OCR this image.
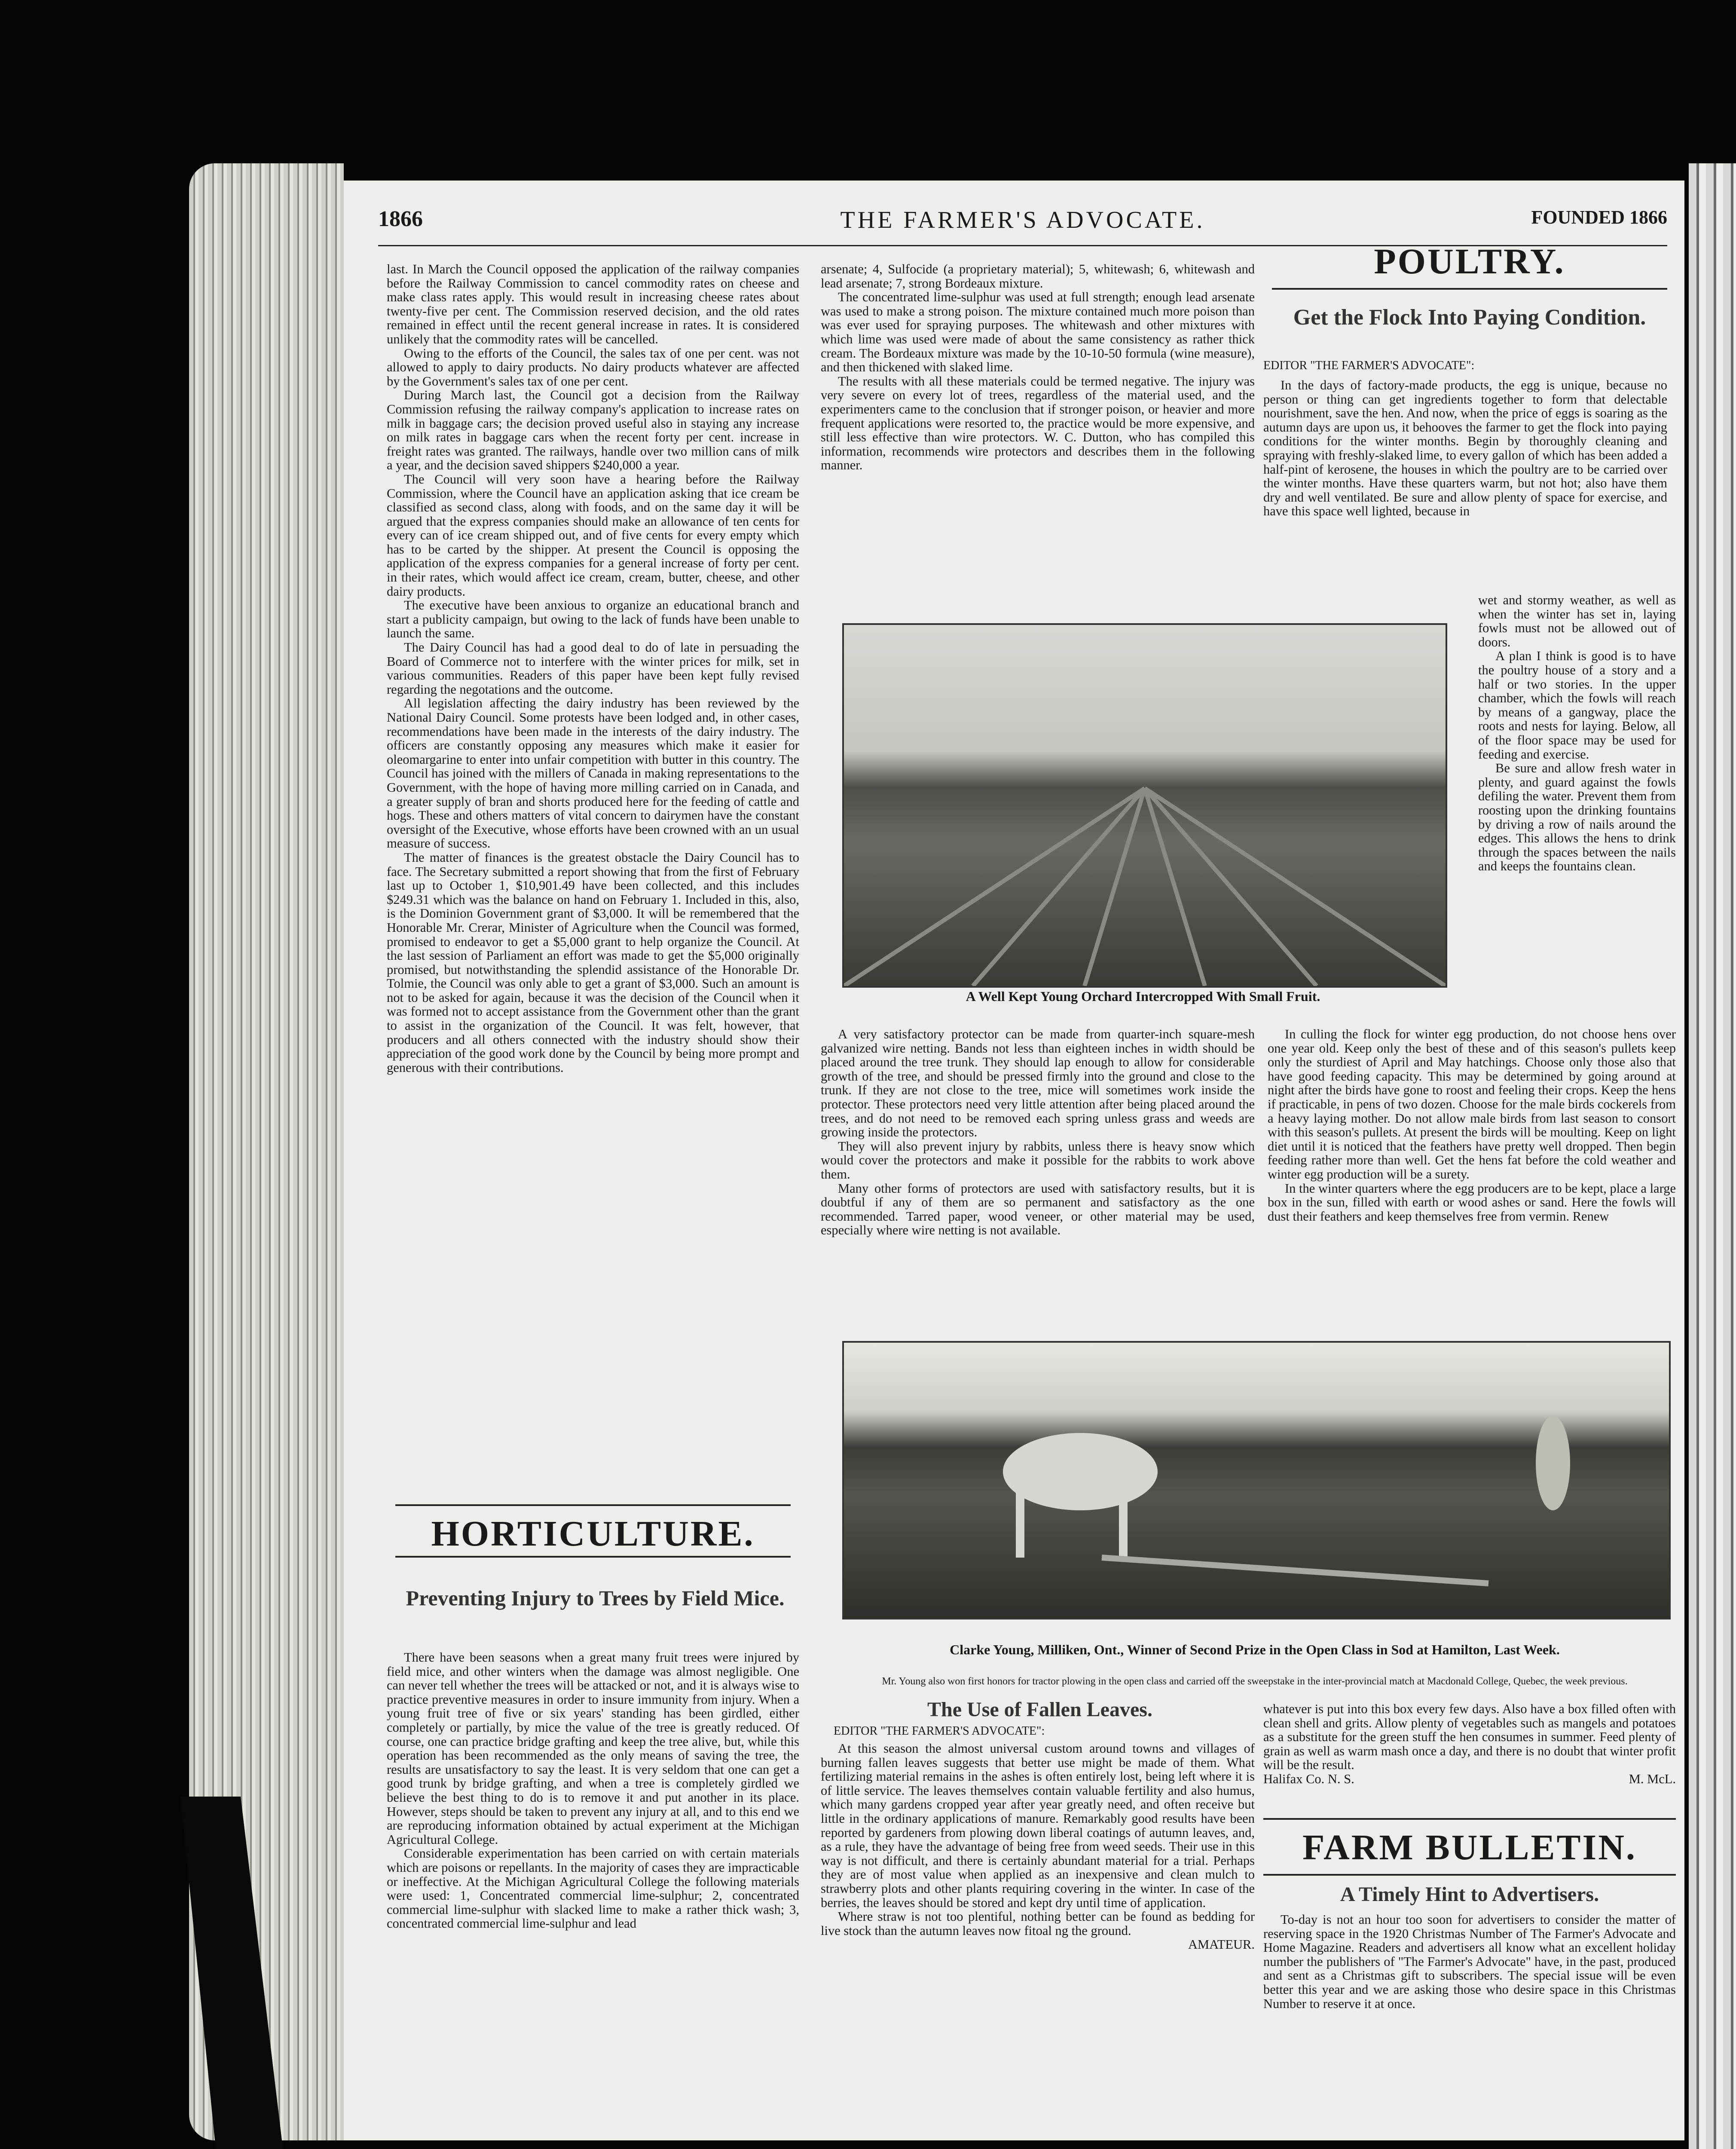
1866	THE FARMER'S ADVOCATE.	FOUNDED 1866

last. In March the Council opposed the application of the railway companies before the Railway Commission to cancel commodity rates on cheese and make class rates apply. This would result in increasing cheese rates about twenty-five per cent. The Commission reserved decision, and the old rates remained in effect until the recent general increase in rates. It is considered unlikely that the commodity rates will be cancelled.

Owing to the efforts of the Council, the sales tax of one per cent. was not allowed to apply to dairy products. No dairy products whatever are affected by the Government's sales tax of one per cent.

During March last, the Council got a decision from the Railway Commission refusing the railway company's application to increase rates on milk in baggage cars; the decision proved useful also in staying any increase on milk rates in baggage cars when the recent forty per cent. increase in freight rates was granted. The railways, handle over two million cans of milk a year, and the decision saved shippers $240,000 a year.

The Council will very soon have a hearing before the Railway Commission, where the Council have an application asking that ice cream be classified as second class, along with foods, and on the same day it will be argued that the express companies should make an allowance of ten cents for every can of ice cream shipped out, and of five cents for every empty which has to be carted by the shipper. At present the Council is opposing the application of the express companies for a general increase of forty per cent. in their rates, which would affect ice cream, cream, butter, cheese, and other dairy products.

The executive have been anxious to organize an educational branch and start a publicity campaign, but owing to the lack of funds have been unable to launch the same.

The Dairy Council has had a good deal to do of late in persuading the Board of Commerce not to interfere with the winter prices for milk, set in various communities. Readers of this paper have been kept fully revised regarding the negotations and the outcome.

All legislation affecting the dairy industry has been reviewed by the National Dairy Council. Some protests have been lodged and, in other cases, recommendations have been made in the interests of the dairy industry. The officers are constantly opposing any measures which make it easier for oleomargarine to enter into unfair competition with butter in this country. The Council has joined with the millers of Canada in making representations to the Government, with the hope of having more milling carried on in Canada, and a greater supply of bran and shorts produced here for the feeding of cattle and hogs. These and others matters of vital concern to dairymen have the constant oversight of the Executive, whose efforts have been crowned with an un usual measure of success.

The matter of finances is the greatest obstacle the Dairy Council has to face. The Secretary submitted a report showing that from the first of February last up to October 1, $10,901.49 have been collected, and this includes $249.31 which was the balance on hand on February 1. Included in this, also, is the Dominion Government grant of $3,000. It will be remembered that the Honorable Mr. Crerar, Minister of Agriculture when the Council was formed, promised to endeavor to get a $5,000 grant to help organize the Council. At the last session of Parliament an effort was made to get the $5,000 originally promised, but notwithstanding the splendid assistance of the Honorable Dr. Tolmie, the Council was only able to get a grant of $3,000. Such an amount is not to be asked for again, because it was the decision of the Council when it was formed not to accept assistance from the Government other than the grant to assist in the organization of the Council. It was felt, however, that producers and all others connected with the industry should show their appreciation of the good work done by the Council by being more prompt and generous with their contributions.

HORTICULTURE.
Preventing Injury to Trees by Field Mice.

There have been seasons when a great many fruit trees were injured by field mice, and other winters when the damage was almost negligible. One can never tell whether the trees will be attacked or not, and it is always wise to practice preventive measures in order to insure immunity from injury. When a young fruit tree of five or six years' standing has been girdled, either completely or partially, by mice the value of the tree is greatly reduced. Of course, one can practice bridge grafting and keep the tree alive, but, while this operation has been recommended as the only means of saving the tree, the results are unsatisfactory to say the least. It is very seldom that one can get a good trunk by bridge grafting, and when a tree is completely girdled we believe the best thing to do is to remove it and put another in its place. However, steps should be taken to prevent any injury at all, and to this end we are reproducing information obtained by actual experiment at the Michigan Agricultural College.

Considerable experimentation has been carried on with certain materials which are poisons or repellants. In the majority of cases they are impracticable or ineffective. At the Michigan Agricultural College the following materials were used: 1, Concentrated commercial lime-sulphur; 2, concentrated commercial lime-sulphur with slacked lime to make a rather thick wash; 3, concentrated commercial lime-sulphur and lead

arsenate; 4, Sulfocide (a proprietary material); 5, whitewash; 6, whitewash and lead arsenate; 7, strong Bordeaux mixture.

The concentrated lime-sulphur was used at full strength; enough lead arsenate was used to make a strong poison. The mixture contained much more poison than was ever used for spraying purposes. The whitewash and other mixtures with which lime was used were made of about the same consistency as rather thick cream. The Bordeaux mixture was made by the 10-10-50 formula (wine measure), and then thickened with slaked lime.

The results with all these materials could be termed negative. The injury was very severe on every lot of trees, regardless of the material used, and the experimenters came to the conclusion that if stronger poison, or heavier and more frequent applications were resorted to, the practice would be more expensive, and still less effective than wire protectors. W. C. Dutton, who has compiled this information, recommends wire protectors and describes them in the following manner.

A Well Kept Young Orchard Intercropped With Small Fruit.

A very satisfactory protector can be made from quarter-inch square-mesh galvanized wire netting. Bands not less than eighteen inches in width should be placed around the tree trunk. They should lap enough to allow for considerable growth of the tree, and should be pressed firmly into the ground and close to the trunk. If they are not close to the tree, mice will sometimes work inside the protector. These protectors need very little attention after being placed around the trees, and do not need to be removed each spring unless grass and weeds are growing inside the protectors.

They will also prevent injury by rabbits, unless there is heavy snow which would cover the protectors and make it possible for the rabbits to work above them.

Many other forms of protectors are used with satisfactory results, but it is doubtful if any of them are so permanent and satisfactory as the one recommended. Tarred paper, wood veneer, or other material may be used, especially where wire netting is not available.

POULTRY.
Get the Flock Into Paying Condition.
EDITOR "THE FARMER'S ADVOCATE":

In the days of factory-made products, the egg is unique, because no person or thing can get ingredients together to form that delectable nourishment, save the hen. And now, when the price of eggs is soaring as the autumn days are upon us, it behooves the farmer to get the flock into paying conditions for the winter months. Begin by thoroughly cleaning and spraying with freshly-slaked lime, to every gallon of which has been added a half-pint of kerosene, the houses in which the poultry are to be carried over the winter months. Have these quarters warm, but not hot; also have them dry and well ventilated. Be sure and allow plenty of space for exercise, and have this space well lighted, because in

wet and stormy weather, as well as when the winter has set in, laying fowls must not be allowed out of doors.

A plan I think is good is to have the poultry house of a story and a half or two stories. In the upper chamber, which the fowls will reach by means of a gangway, place the roots and nests for laying. Below, all of the floor space may be used for feeding and exercise.

Be sure and allow fresh water in plenty, and guard against the fowls defiling the water. Prevent them from roosting upon the drinking fountains by driving a row of nails around the edges. This allows the hens to drink through the spaces between the nails and keeps the fountains clean.

In culling the flock for winter egg production, do not choose hens over one year old. Keep only the best of these and of this season's pullets keep only the sturdiest of April and May hatchings. Choose only those also that have good feeding capacity. This may be determined by going around at night after the birds have gone to roost and feeling their crops. Keep the hens if practicable, in pens of two dozen. Choose for the male birds cockerels from a heavy laying mother. Do not allow male birds from last season to consort with this season's pullets. At present the birds will be moulting. Keep on light diet until it is noticed that the feathers have pretty well dropped. Then begin feeding rather more than well. Get the hens fat before the cold weather and winter egg production will be a surety.

In the winter quarters where the egg producers are to be kept, place a large box in the sun, filled with earth or wood ashes or sand. Here the fowls will dust their feathers and keep themselves free from vermin. Renew

Clarke Young, Milliken, Ont., Winner of Second Prize in the Open Class in Sod at Hamilton, Last Week.
Mr. Young also won first honors for tractor plowing in the open class and carried off the sweepstake in the inter-provincial match at Macdonald College, Quebec, the week previous.
The Use of Fallen Leaves.
EDITOR "THE FARMER'S ADVOCATE":

At this season the almost universal custom around towns and villages of burning fallen leaves suggests that better use might be made of them. What fertilizing material remains in the ashes is often entirely lost, being left where it is of little service. The leaves themselves contain valuable fertility and also humus, which many gardens cropped year after year greatly need, and often receive but little in the ordinary applications of manure. Remarkably good results have been reported by gardeners from plowing down liberal coatings of autumn leaves, and, as a rule, they have the advantage of being free from weed seeds. Their use in this way is not difficult, and there is certainly abundant material for a trial. Perhaps they are of most value when applied as an inexpensive and clean mulch to strawberry plots and other plants requiring covering in the winter. In case of the berries, the leaves should be stored and kept dry until time of application.

Where straw is not too plentiful, nothing better can be found as bedding for live stock than the autumn leaves now fitoal ng the ground.

AMATEUR.

whatever is put into this box every few days. Also have a box filled often with clean shell and grits. Allow plenty of vegetables such as mangels and potatoes as a substitute for the green stuff the hen consumes in summer. Feed plenty of grain as well as warm mash once a day, and there is no doubt that winter profit will be the result.

Halifax Co. N. S.	M. McL.
FARM BULLETIN.
A Timely Hint to Advertisers.

To-day is not an hour too soon for advertisers to consider the matter of reserving space in the 1920 Christmas Number of The Farmer's Advocate and Home Magazine. Readers and advertisers all know what an excellent holiday number the publishers of "The Farmer's Advocate" have, in the past, produced and sent as a Christmas gift to subscribers. The special issue will be even better this year and we are asking those who desire space in this Christmas Number to reserve it at once.
